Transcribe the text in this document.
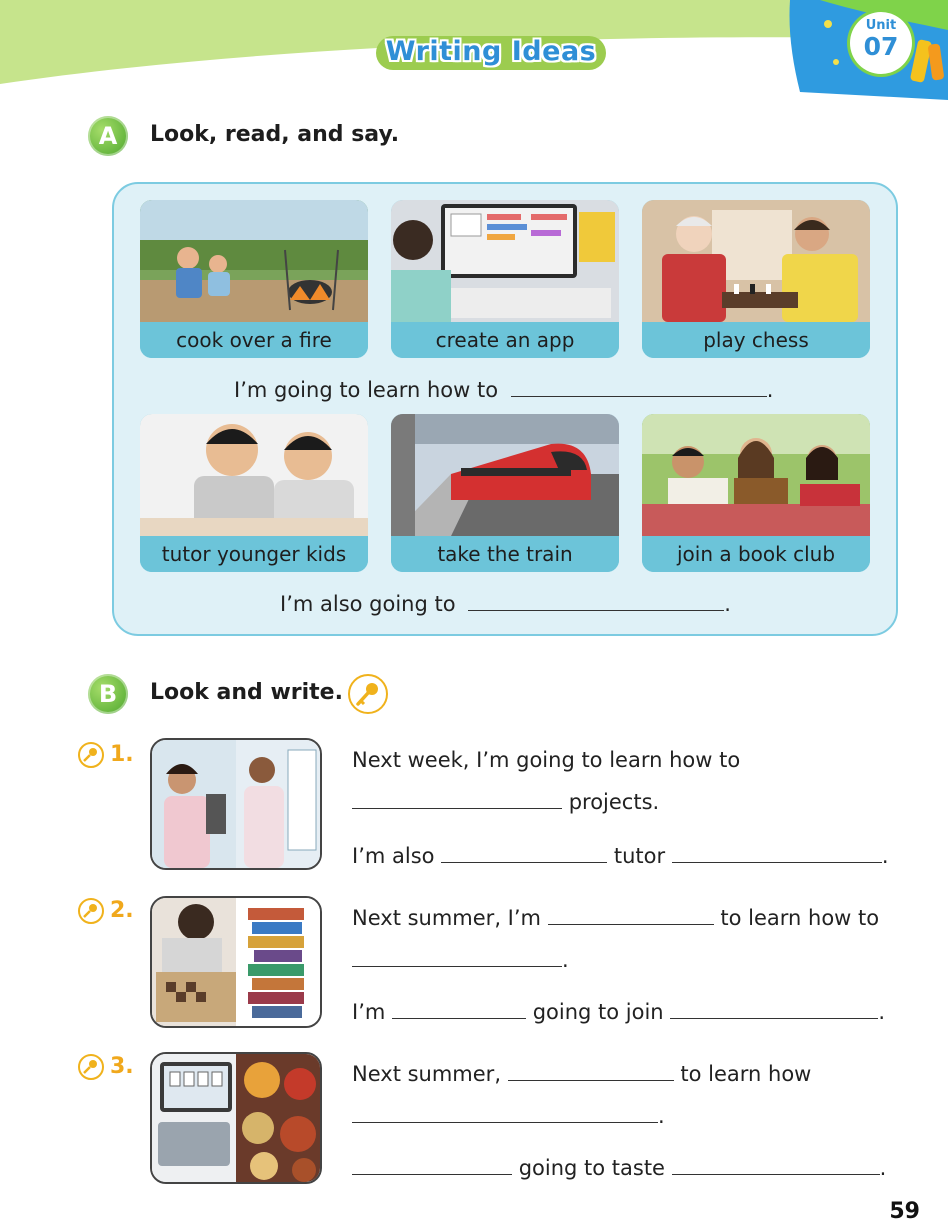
Writing Ideas
Unit
07
A	Look, read, and say.
cook over a fire	create an app	play chess
I’m going to learn how to	.
tutor younger kids	take the train	join a book club
I’m also going to	.
B	Look and write.
1.	Next week, I’m going to learn how to
projects.
I’m also	tutor	.
2.	Next summer, I’m	to learn how to
.
I’m	going to join	.
3.	Next summer,	to learn how
.
going to taste	.
59
